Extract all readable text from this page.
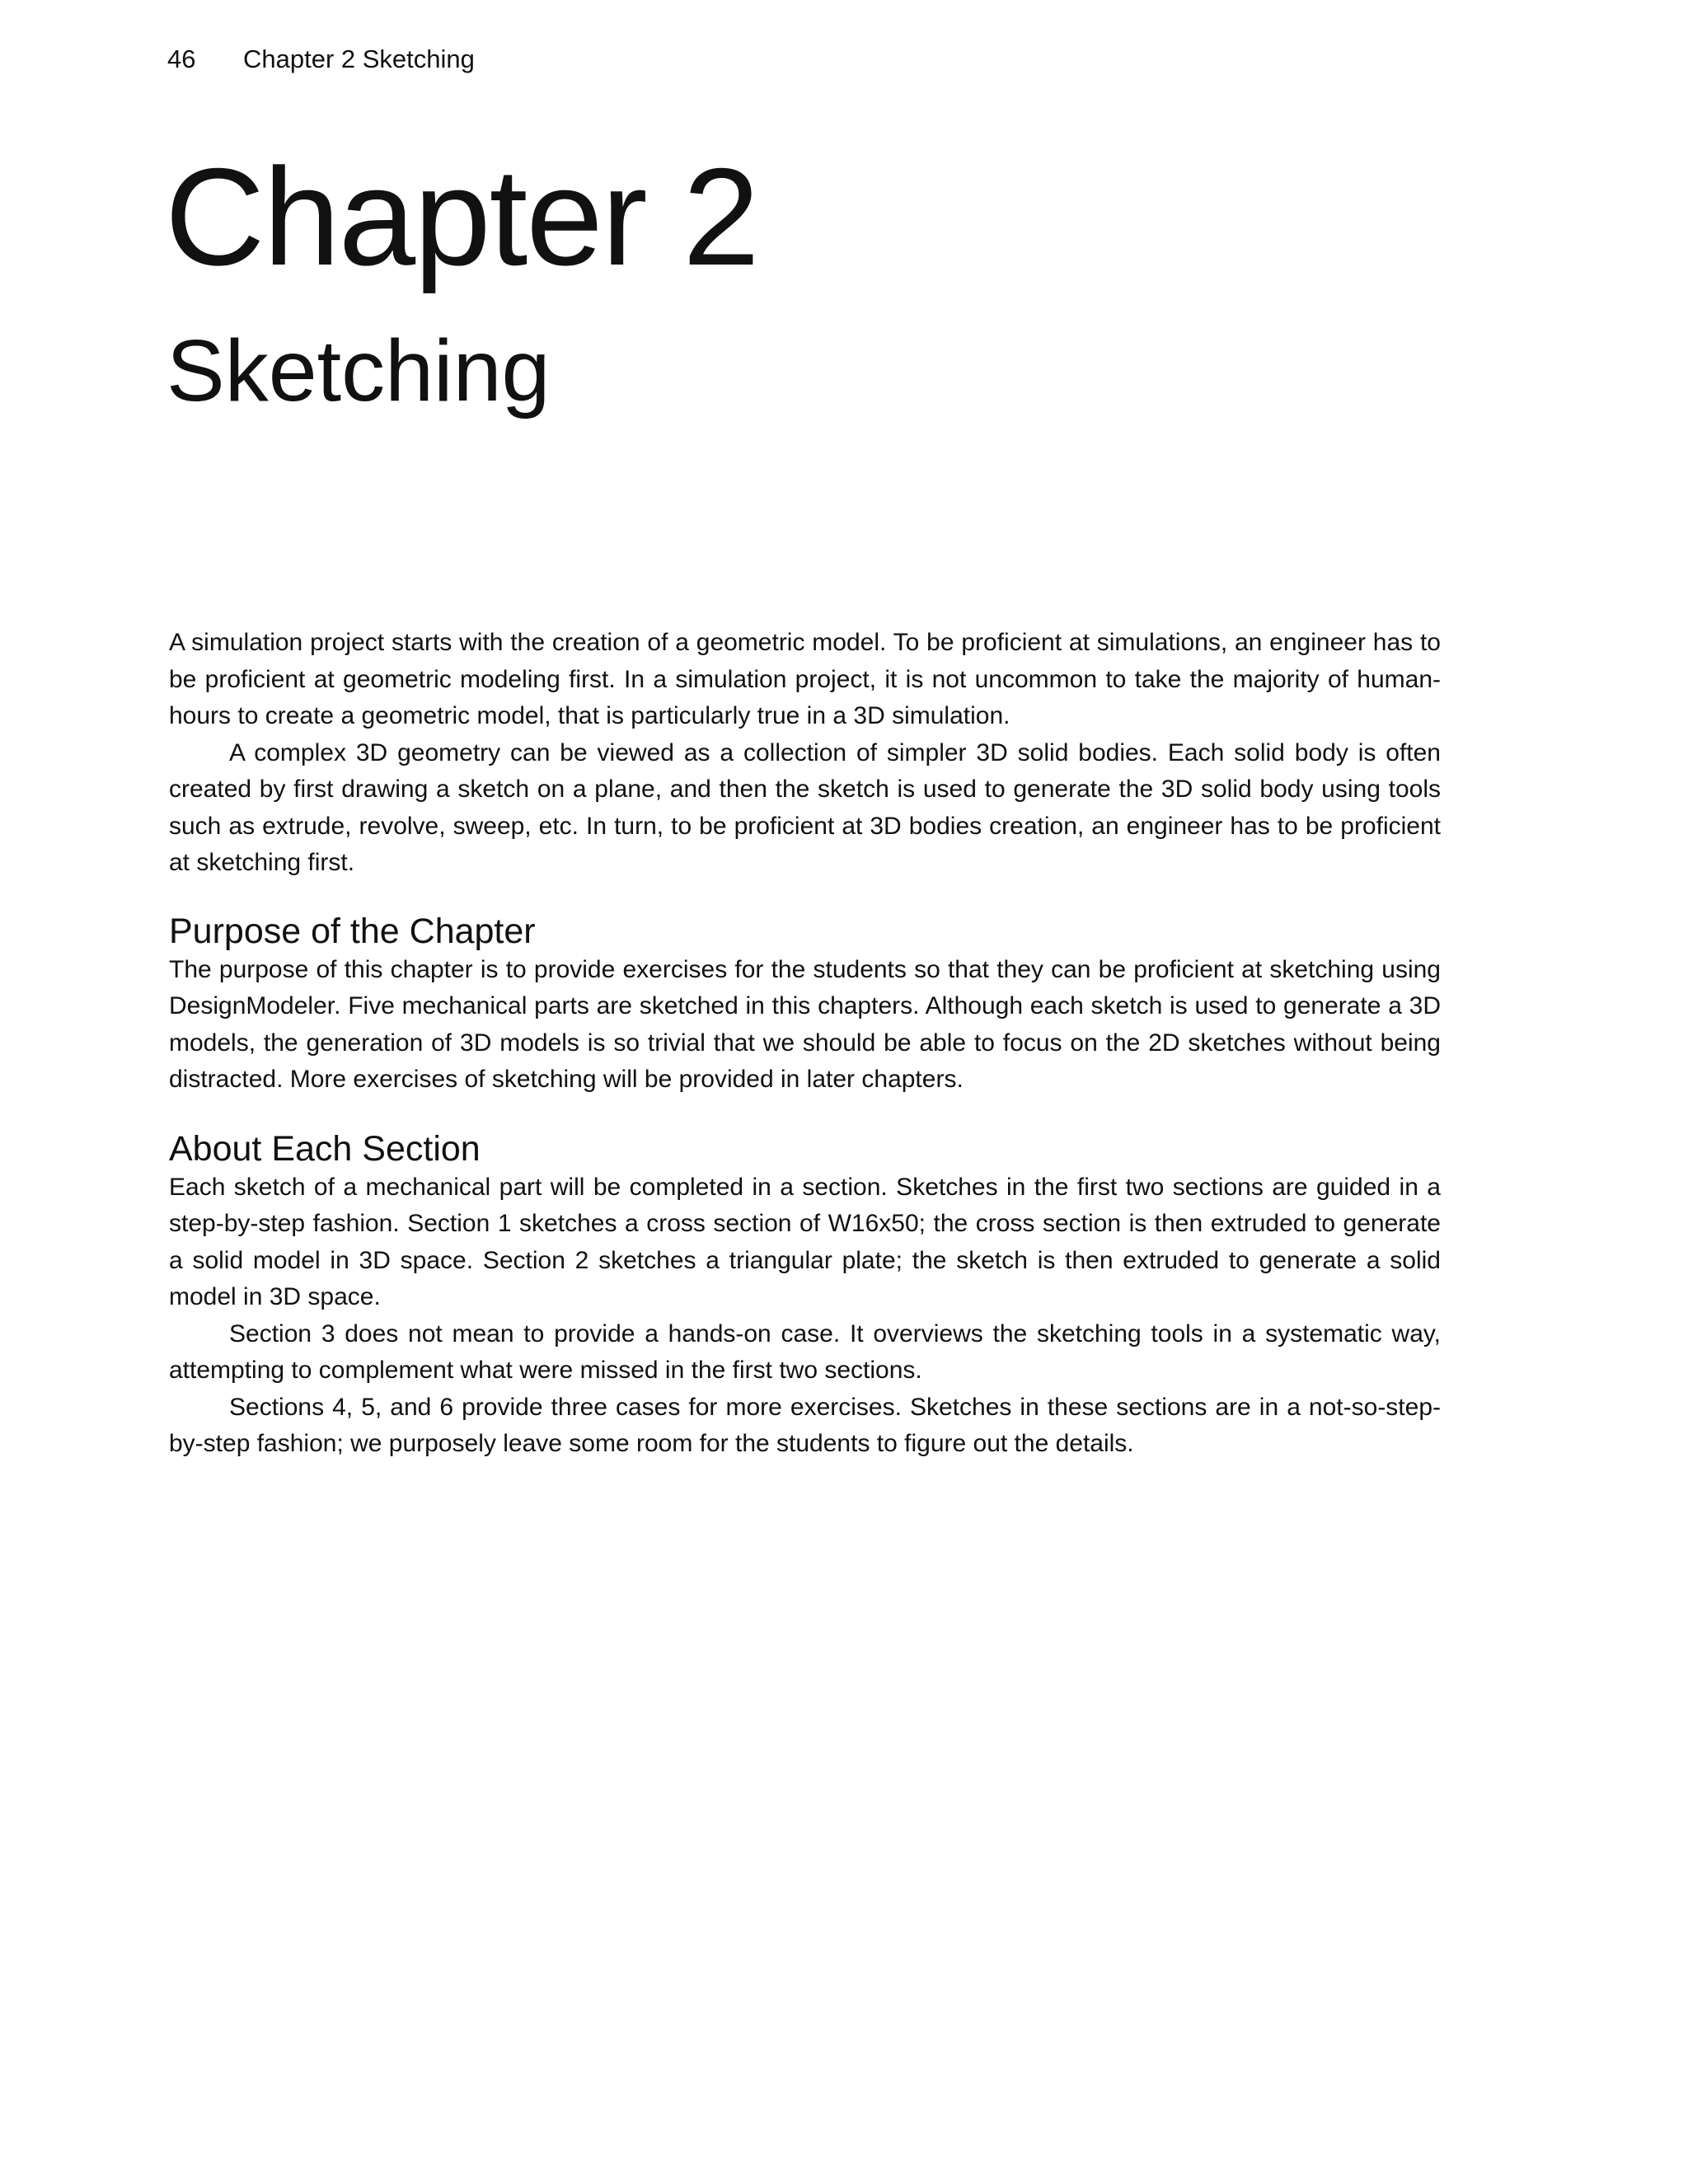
46 Chapter 2 Sketching
Chapter 2
Sketching

A simulation project starts with the creation of a geometric model. To be proficient at simulations, an engineer has to be proficient at geometric modeling first. In a simulation project, it is not uncommon to take the majority of human-hours to create a geometric model, that is particularly true in a 3D simulation.

A complex 3D geometry can be viewed as a collection of simpler 3D solid bodies. Each solid body is often created by first drawing a sketch on a plane, and then the sketch is used to generate the 3D solid body using tools such as extrude, revolve, sweep, etc. In turn, to be proficient at 3D bodies creation, an engineer has to be proficient at sketching first.

Purpose of the Chapter

The purpose of this chapter is to provide exercises for the students so that they can be proficient at sketching using DesignModeler. Five mechanical parts are sketched in this chapters. Although each sketch is used to generate a 3D models, the generation of 3D models is so trivial that we should be able to focus on the 2D sketches without being distracted. More exercises of sketching will be provided in later chapters.

About Each Section

Each sketch of a mechanical part will be completed in a section. Sketches in the first two sections are guided in a step-by-step fashion. Section 1 sketches a cross section of W16x50; the cross section is then extruded to generate a solid model in 3D space. Section 2 sketches a triangular plate; the sketch is then extruded to generate a solid model in 3D space.

Section 3 does not mean to provide a hands-on case. It overviews the sketching tools in a systematic way, attempting to complement what were missed in the first two sections.

Sections 4, 5, and 6 provide three cases for more exercises. Sketches in these sections are in a not-so-step-by-step fashion; we purposely leave some room for the students to figure out the details.
